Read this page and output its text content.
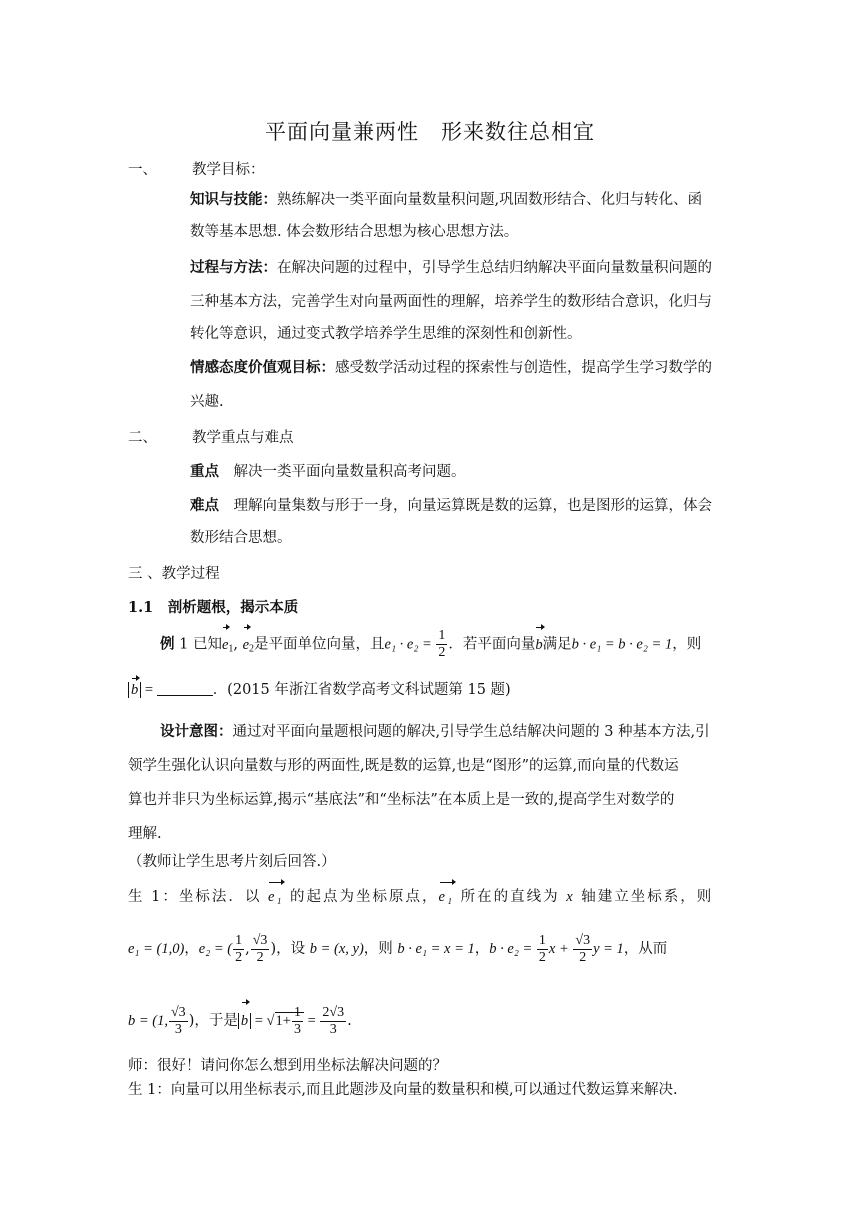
平面向量兼两性　形来数往总相宜
一、 教学目标：
知识与技能：熟练解决一类平面向量数量积问题,巩固数形结合、化归与转化、函
数等基本思想. 体会数形结合思想为核心思想方法。
过程与方法：在解决问题的过程中，引导学生总结归纳解决平面向量数量积问题的
三种基本方法，完善学生对向量两面性的理解，培养学生的数形结合意识，化归与
转化等意识，通过变式教学培养学生思维的深刻性和创新性。
情感态度价值观目标：感受数学活动过程的探索性与创造性，提高学生学习数学的
兴趣.
二、 教学重点与难点
重点　解决一类平面向量数量积高考问题。
难点　理解向量集数与形于一身，向量运算既是数的运算，也是图形的运算，体会
数形结合思想。
三 、教学过程
1.1　剖析题根，揭示本质
例 1 已知$e_1$, $e_2$是平面单位向量，且$e_1 \cdot e_2 = \frac{1}{2}$ ．若平面向量b满足b · e₁ = b · e₂ = 1，则
b =	．(2015 年浙江省数学高考文科试题第 15 题)
设计意图：通过对平面向量题根问题的解决,引导学生总结解决问题的 3 种基本方法,引
领学生强化认识向量数与形的两面性,既是数的运算,也是“图形”的运算,而向量的代数运
算也并非只为坐标运算,揭示“基底法”和“坐标法”在本质上是一致的,提高学生对数学的
理解.
（教师让学生思考片刻后回答.）
生 1：坐标法．以 e₁ 的起点为坐标原点，e₁ 所在的直线为 x 轴建立坐标系，则
e₁ = (1,0)，e₂ = ( $\frac{1}{2}$ , $\frac{√3}{2}$ )，设 b = (x, y)，则 b · e₁ = x = 1，$b \cdot e_2 = \frac{1}{2}$ $x + \frac{√3}{2}$ y = 1，从而
b = (1, $\frac{√3}{3}$ )，于是 $b = √1+ \frac{1}{3} = \frac{2√3}{3}$ .
师：很好！请问你怎么想到用坐标法解决问题的？
生 1：向量可以用坐标表示,而且此题涉及向量的数量积和模,可以通过代数运算来解决.
